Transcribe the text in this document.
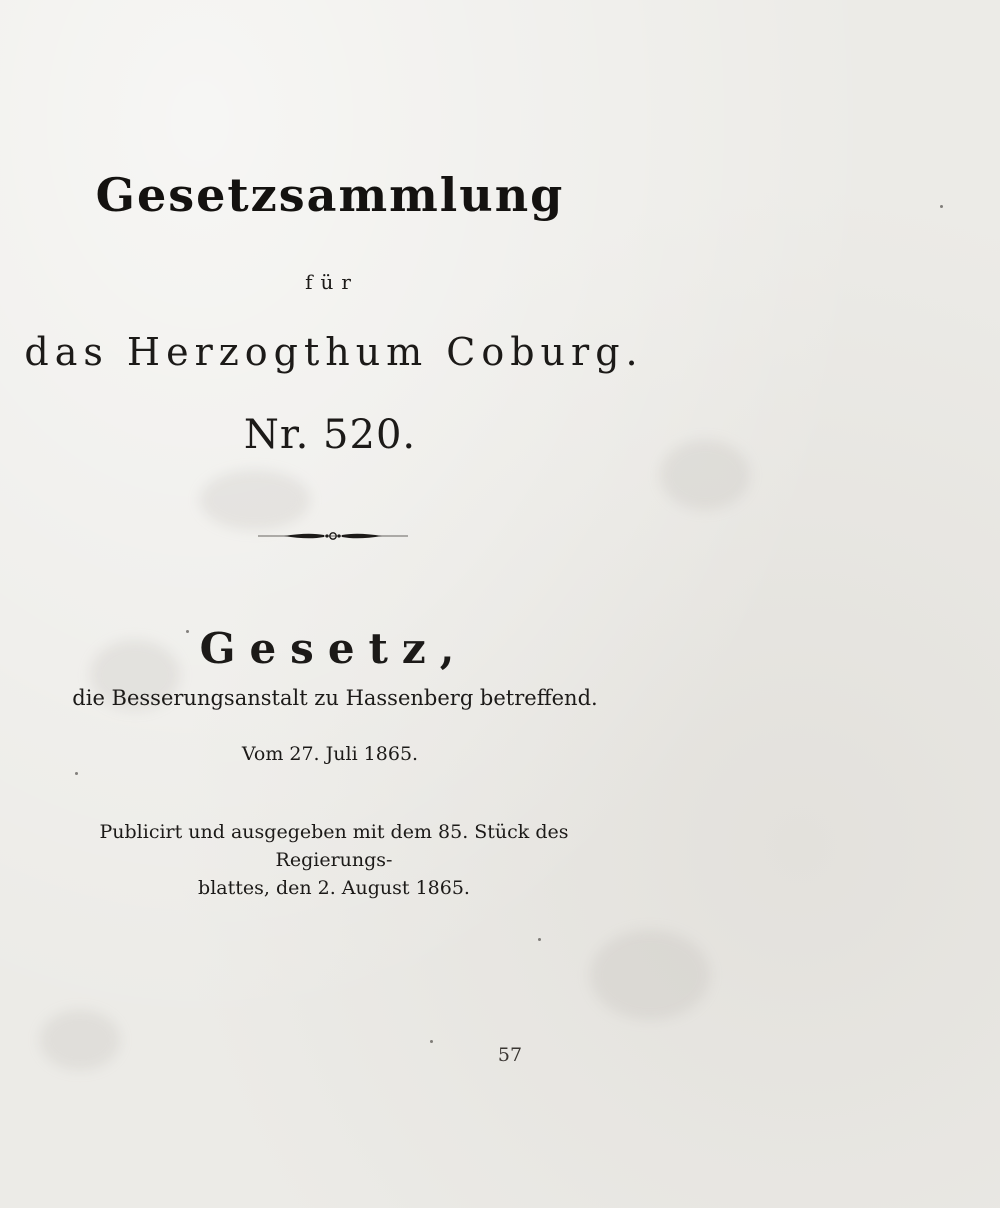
Gesetzsammlung
für
das Herzogthum Coburg.
Nr. 520.
Gesetz,
die Besserungsanstalt zu Hassenberg betreffend.
Vom 27. Juli 1865.
Publicirt und ausgegeben mit dem 85. Stück des Regierungs-
blattes, den 2. August 1865.
57
